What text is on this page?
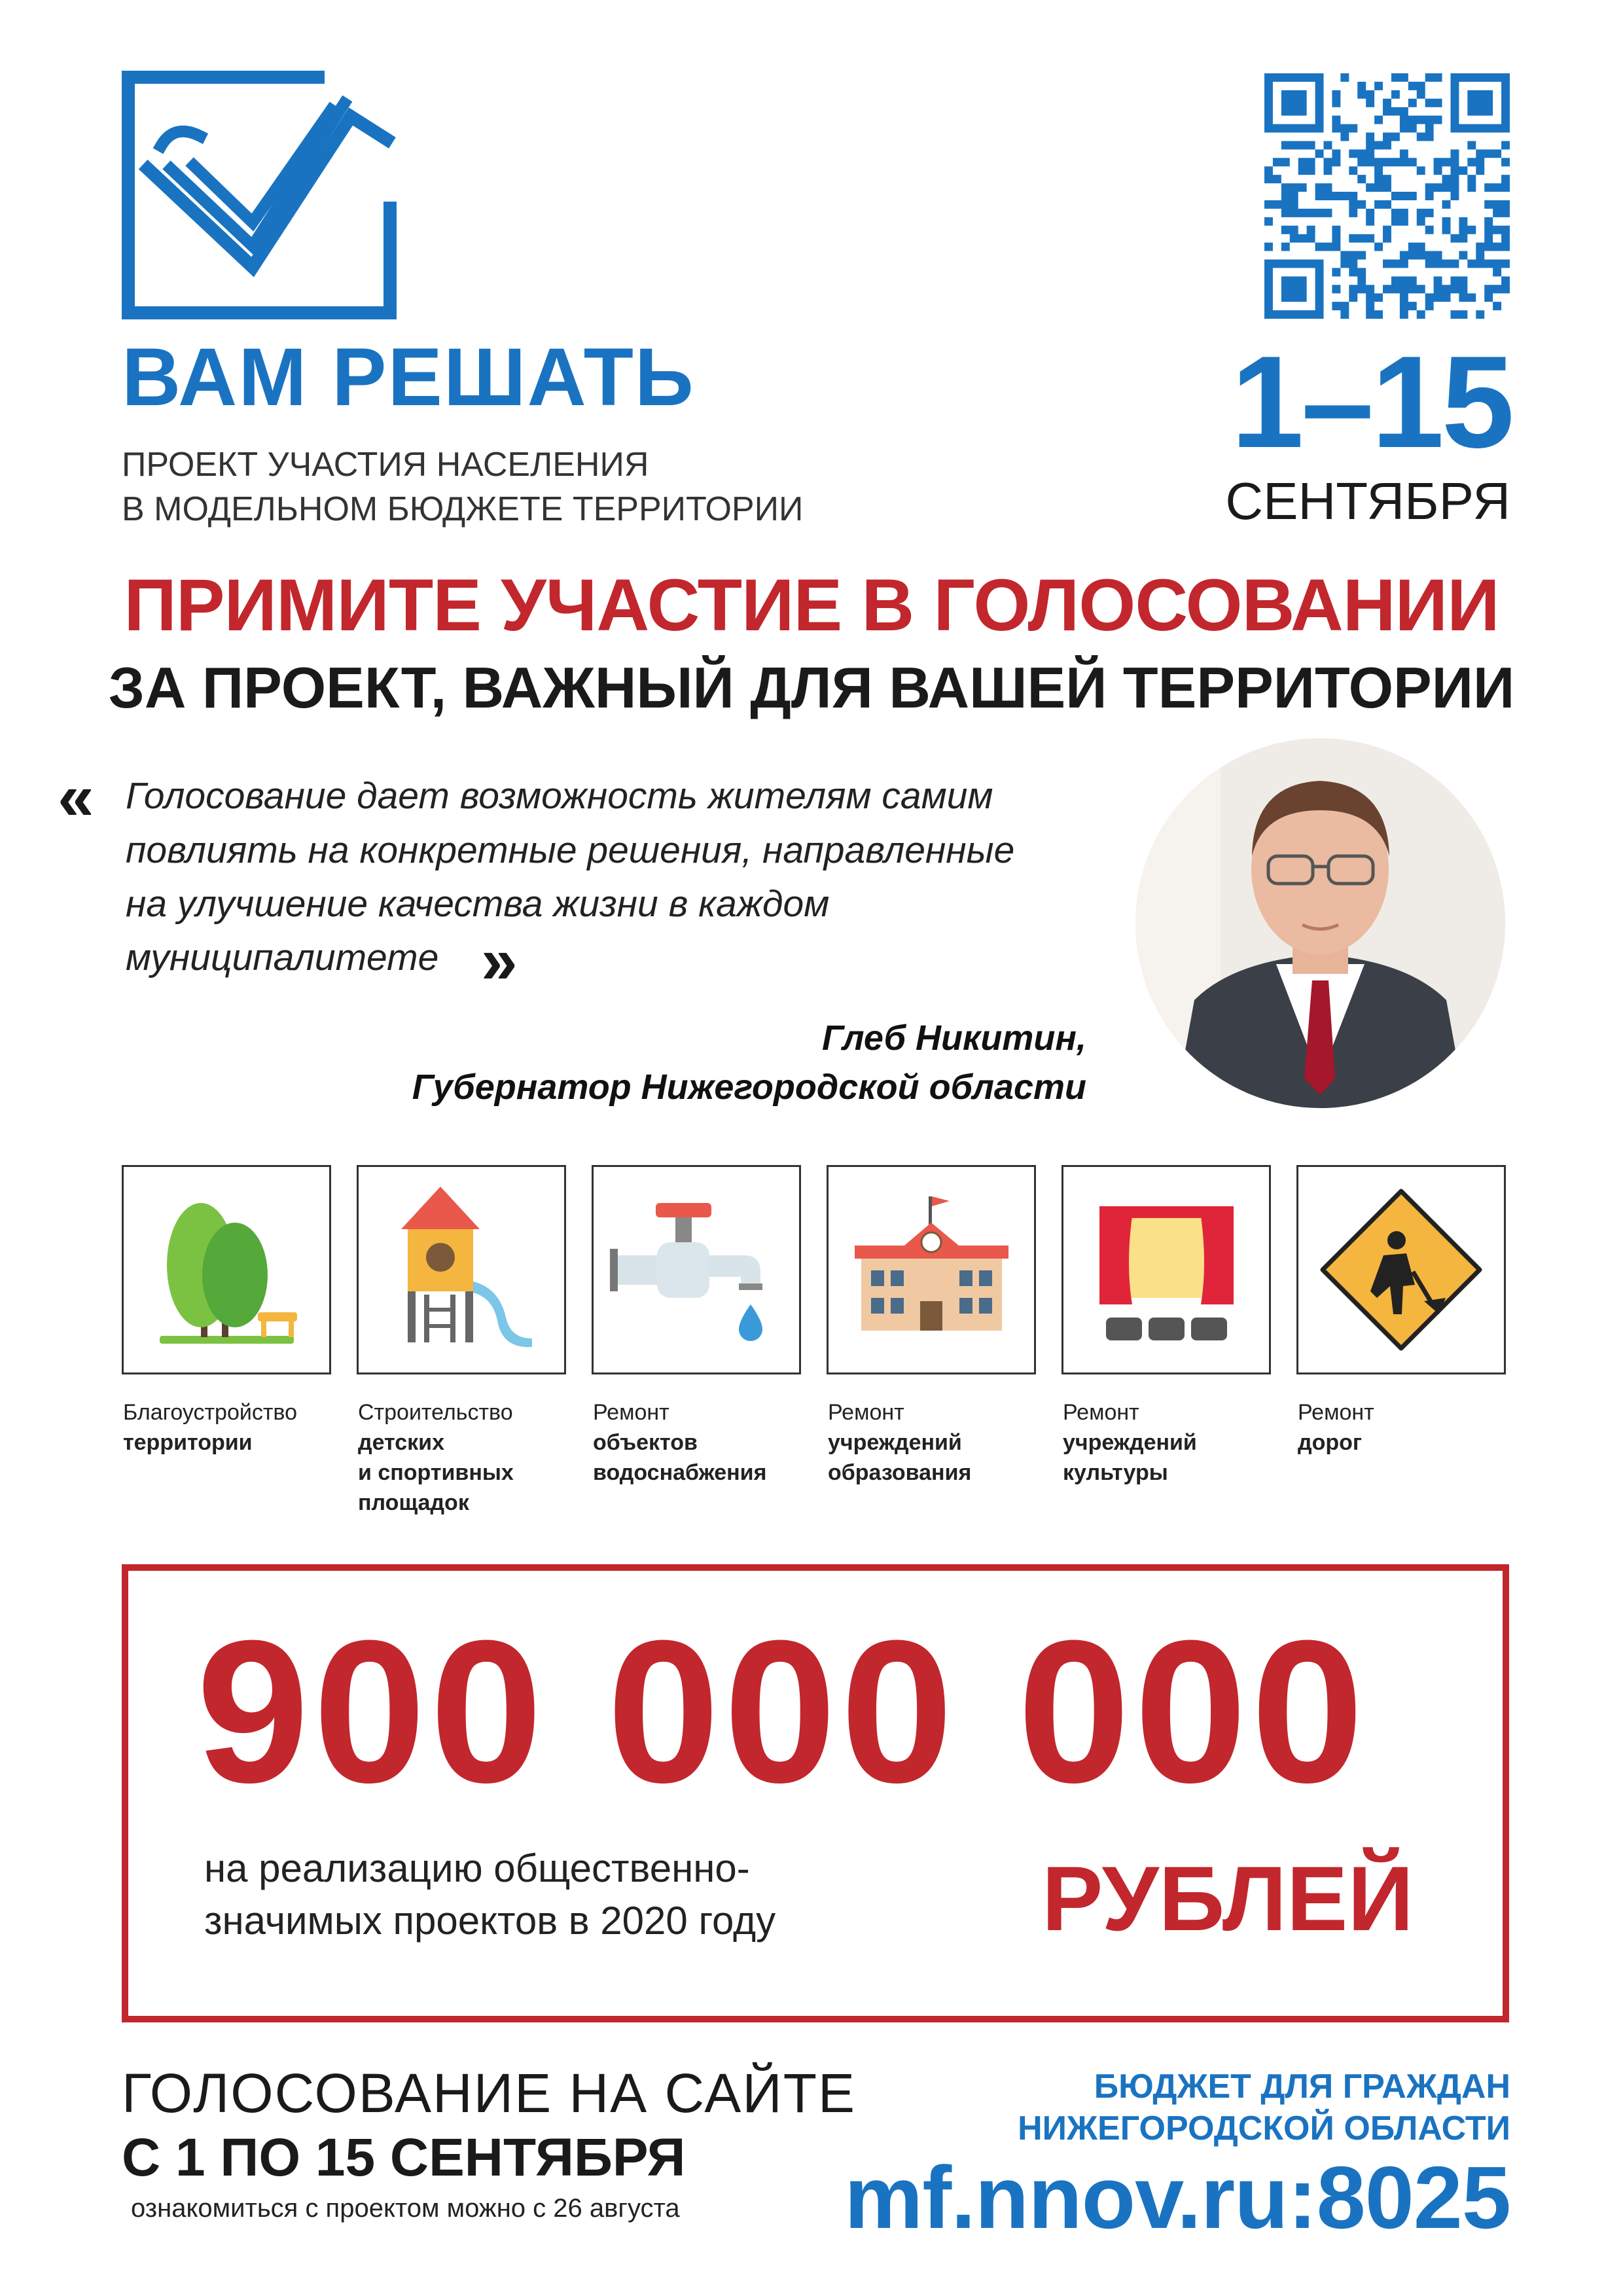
ВАМ РЕШАТЬ
ПРОЕКТ УЧАСТИЯ НАСЕЛЕНИЯ
В МОДЕЛЬНОМ БЮДЖЕТЕ ТЕРРИТОРИИ
1–15
СЕНТЯБРЯ
ПРИМИТЕ УЧАСТИЕ В ГОЛОСОВАНИИ
ЗА ПРОЕКТ, ВАЖНЫЙ ДЛЯ ВАШЕЙ ТЕРРИТОРИИ
« Голосование дает возможность жителям самим
повлиять на конкретные решения, направленные
на улучшение качества жизни в каждом
муниципалитете »
Глеб Никитин,
Губернатор Нижегородской области
Благоустройство
территории
Строительство
детских
и спортивных
площадок
Ремонт
объектов
водоснабжения
Ремонт
учреждений
образования
Ремонт
учреждений
культуры
Ремонт
дорог
900 000 000
на реализацию общественно-
значимых проектов в 2020 году	РУБЛЕЙ
ГОЛОСОВАНИЕ НА САЙТЕ
С 1 ПО 15 СЕНТЯБРЯ
ознакомиться с проектом можно с 26 августа
БЮДЖЕТ ДЛЯ ГРАЖДАН
НИЖЕГОРОДСКОЙ ОБЛАСТИ
mf.nnov.ru:8025
